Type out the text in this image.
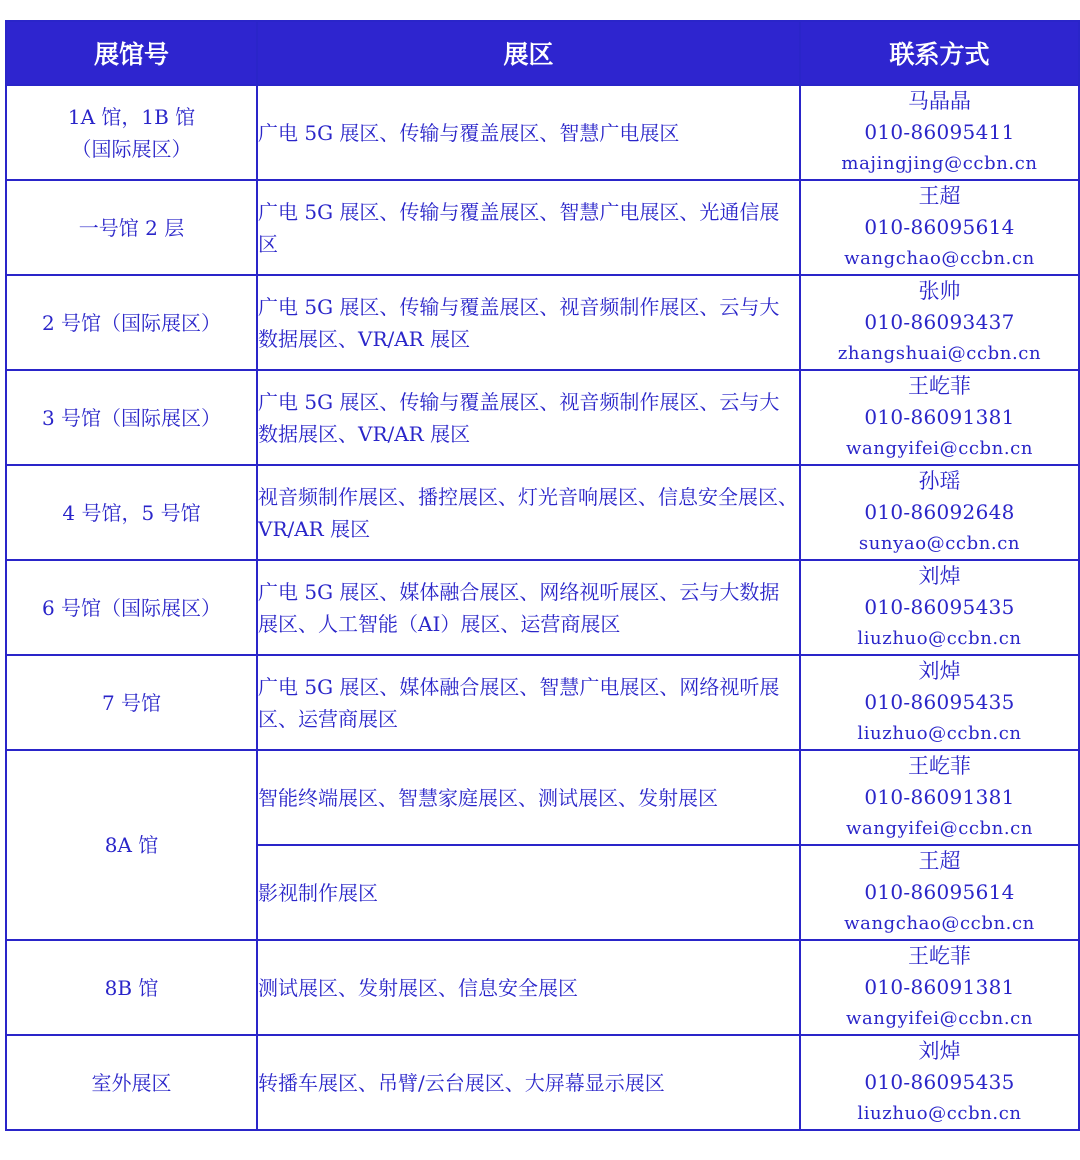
展馆号	展区	联系方式

1A 馆，1B 馆
（国际展区）	广电 5G 展区、传输与覆盖展区、智慧广电展区	马晶晶
010-86095411
majingjing@ccbn.cn

一号馆 2 层	广电 5G 展区、传输与覆盖展区、智慧广电展区、光通信展区	王超
010-86095614
wangchao@ccbn.cn

2 号馆（国际展区）	广电 5G 展区、传输与覆盖展区、视音频制作展区、云与大数据展区、VR/AR 展区	张帅
010-86093437
zhangshuai@ccbn.cn

3 号馆（国际展区）	广电 5G 展区、传输与覆盖展区、视音频制作展区、云与大数据展区、VR/AR 展区	王屹菲
010-86091381
wangyifei@ccbn.cn

4 号馆，5 号馆	视音频制作展区、播控展区、灯光音响展区、信息安全展区、VR/AR 展区	孙瑶
010-86092648
sunyao@ccbn.cn

6 号馆（国际展区）	广电 5G 展区、媒体融合展区、网络视听展区、云与大数据展区、人工智能（AI）展区、运营商展区	刘焯
010-86095435
liuzhuo@ccbn.cn

7 号馆	广电 5G 展区、媒体融合展区、智慧广电展区、网络视听展区、运营商展区	刘焯
010-86095435
liuzhuo@ccbn.cn

8A 馆	智能终端展区、智慧家庭展区、测试展区、发射展区	王屹菲
010-86091381
wangyifei@ccbn.cn

	影视制作展区	王超
010-86095614
wangchao@ccbn.cn

8B 馆	测试展区、发射展区、信息安全展区	王屹菲
010-86091381
wangyifei@ccbn.cn

室外展区	转播车展区、吊臂/云台展区、大屏幕显示展区	刘焯
010-86095435
liuzhuo@ccbn.cn
